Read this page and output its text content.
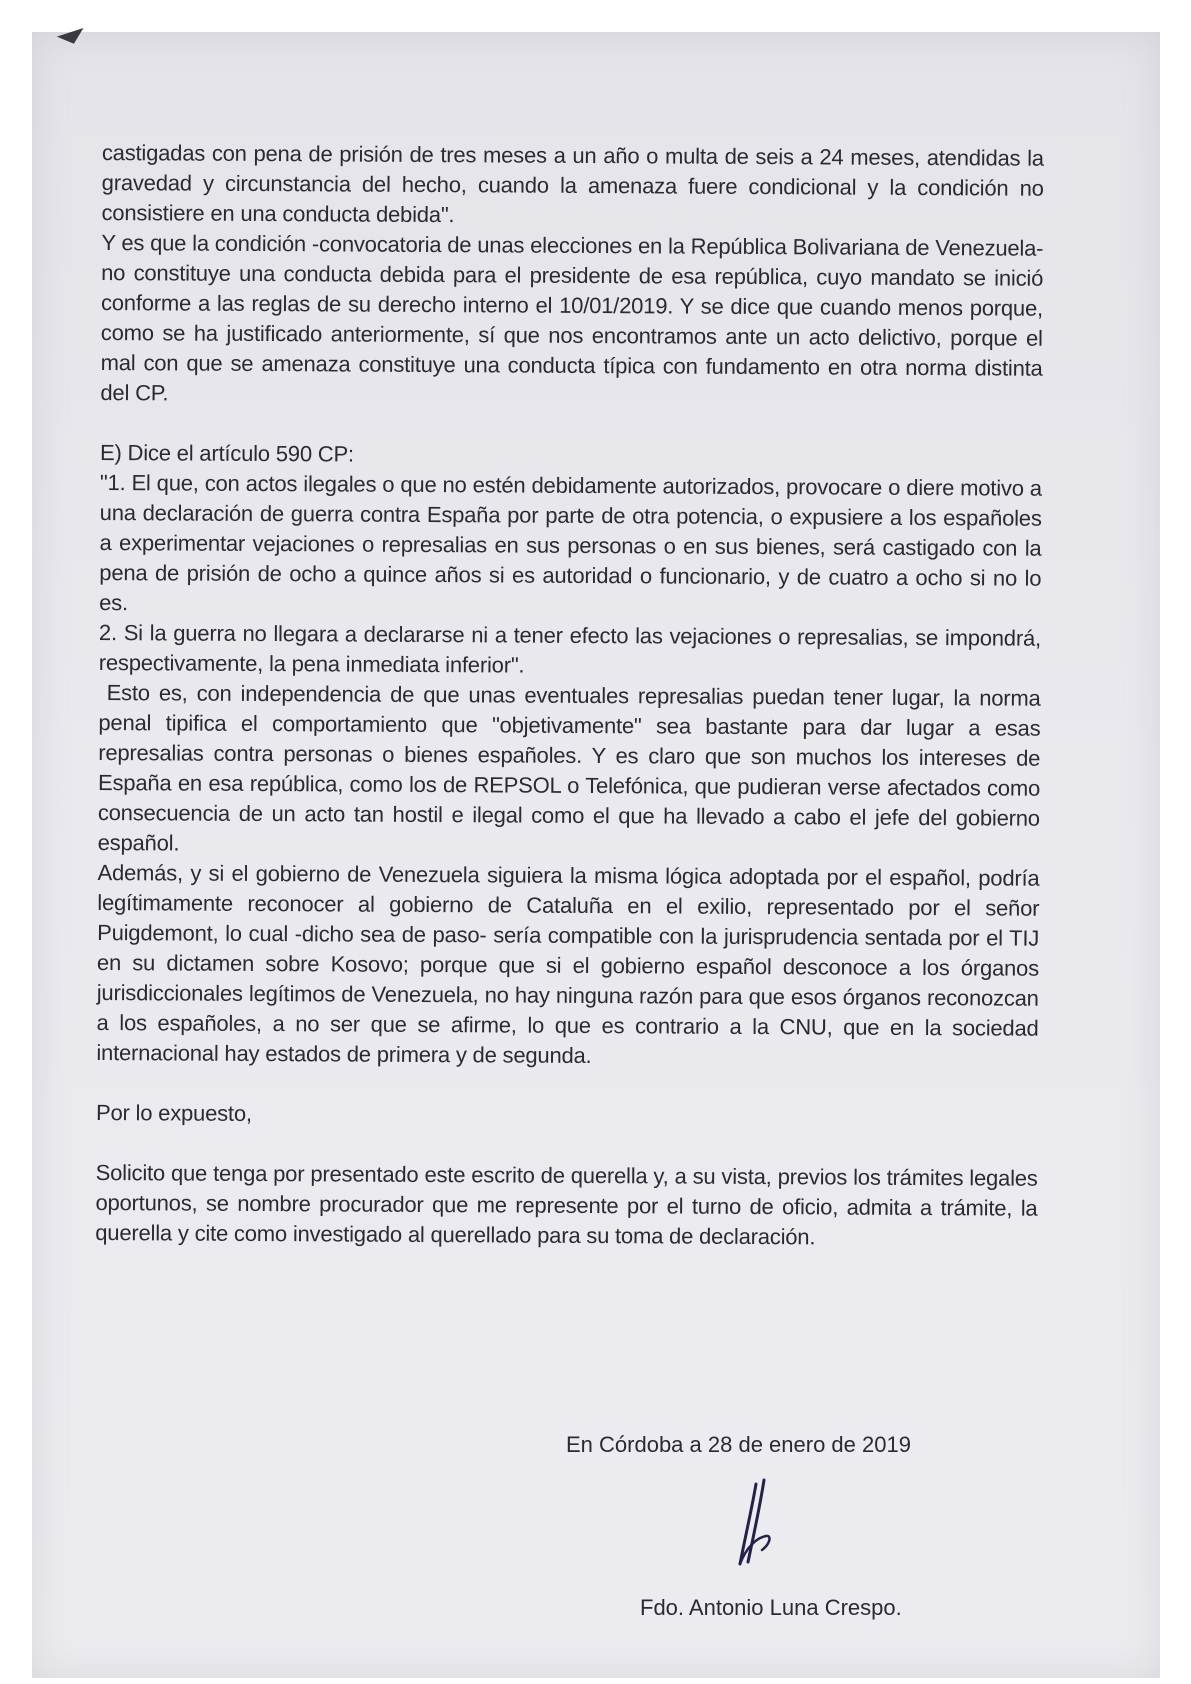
castigadas con pena de prisión de tres meses a un año o multa de seis a 24 meses, atendidas la gravedad y circunstancia del hecho, cuando la amenaza fuere condicional y la condición no consistiere en una conducta debida".

Y es que la condición -convocatoria de unas elecciones en la República Bolivariana de Venezuela- no constituye una conducta debida para el presidente de esa república, cuyo mandato se inició conforme a las reglas de su derecho interno el 10/01/2019. Y se dice que cuando menos porque, como se ha justificado anteriormente, sí que nos encontramos ante un acto delictivo, porque el mal con que se amenaza constituye una conducta típica con fundamento en otra norma distinta del CP.

E) Dice el artículo 590 CP:

"1. El que, con actos ilegales o que no estén debidamente autorizados, provocare o diere motivo a una declaración de guerra contra España por parte de otra potencia, o expusiere a los españoles a experimentar vejaciones o represalias en sus personas o en sus bienes, será castigado con la pena de prisión de ocho a quince años si es autoridad o funcionario, y de cuatro a ocho si no lo es.

2. Si la guerra no llegara a declararse ni a tener efecto las vejaciones o represalias, se impondrá, respectivamente, la pena inmediata inferior".

Esto es, con independencia de que unas eventuales represalias puedan tener lugar, la norma penal tipifica el comportamiento que "objetivamente" sea bastante para dar lugar a esas represalias contra personas o bienes españoles. Y es claro que son muchos los intereses de España en esa república, como los de REPSOL o Telefónica, que pudieran verse afectados como consecuencia de un acto tan hostil e ilegal como el que ha llevado a cabo el jefe del gobierno español.

Además, y si el gobierno de Venezuela siguiera la misma lógica adoptada por el español, podría legítimamente reconocer al gobierno de Cataluña en el exilio, representado por el señor Puigdemont, lo cual -dicho sea de paso- sería compatible con la jurisprudencia sentada por el TIJ en su dictamen sobre Kosovo; porque que si el gobierno español desconoce a los órganos jurisdiccionales legítimos de Venezuela, no hay ninguna razón para que esos órganos reconozcan a los españoles, a no ser que se afirme, lo que es contrario a la CNU, que en la sociedad internacional hay estados de primera y de segunda.

Por lo expuesto,

Solicito que tenga por presentado este escrito de querella y, a su vista, previos los trámites legales oportunos, se nombre procurador que me represente por el turno de oficio, admita a trámite, la querella y cite como investigado al querellado para su toma de declaración.

En Córdoba a 28 de enero de 2019
Fdo. Antonio Luna Crespo.
